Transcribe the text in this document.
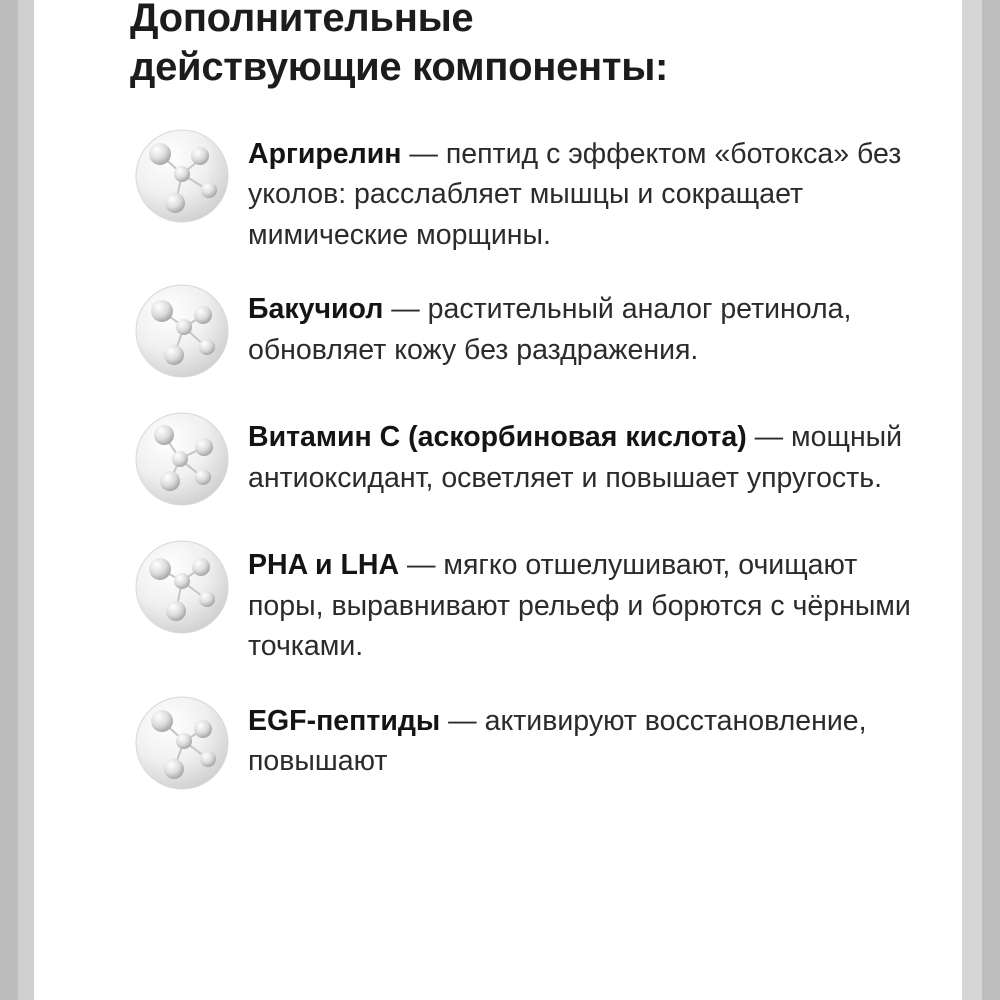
Дополнительные
действующие компоненты:
Аргирелин — пептид с эффектом «ботокса» без уколов: расслабляет мышцы и сокращает мимические морщины.
Бакучиол — растительный аналог ретинола, обновляет кожу без раздражения.
Витамин С (аскорбиновая кислота) — мощный антиоксидант, осветляет и повышает упругость.
PHA и LHA — мягко отшелушивают, очищают поры, выравнивают рельеф и борются с чёрными точками.
EGF-пептиды — активируют восстановление, повышают
